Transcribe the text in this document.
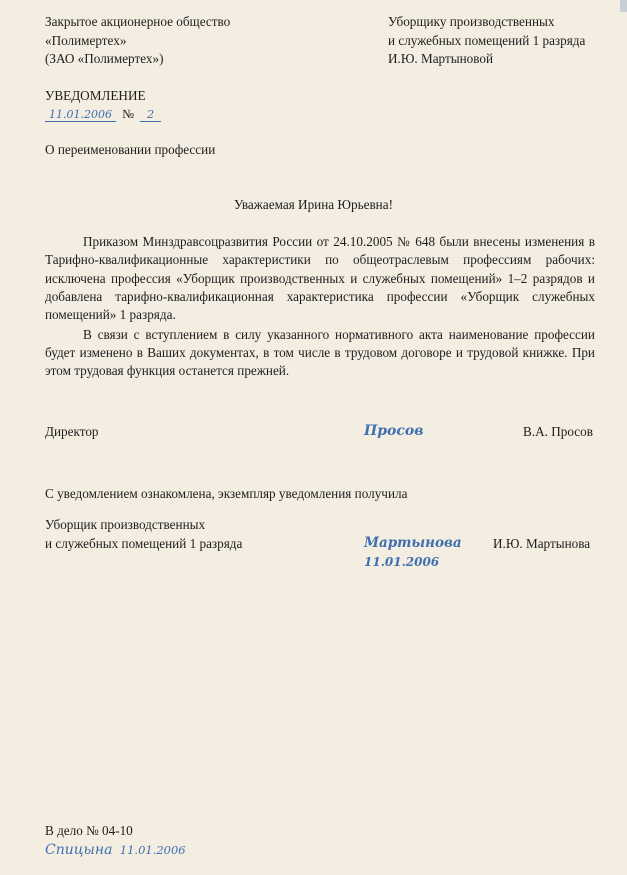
Закрытое акционерное общество
«Полимертех»
(ЗАО «Полимертех»)
Уборщику производственных
и служебных помещений 1 разряда
И.Ю. Мартыновой
УВЕДОМЛЕНИЕ
11.01.2006 № 2
О переименовании профессии
Уважаемая Ирина Юрьевна!
Приказом Минздравсоцразвития России от 24.10.2005 № 648 были внесены изменения в Тарифно-квалификационные характеристики по общеотраслевым профессиям рабочих: исключена профессия «Уборщик производственных и служебных помещений» 1–2 разрядов и добавлена тарифно-квалификационная характеристика профессии «Уборщик служебных помещений» 1 разряда.
В связи с вступлением в силу указанного нормативного акта наименование профессии будет изменено в Ваших документах, в том числе в трудовом договоре и трудовой книжке. При этом трудовая функция останется прежней.
Директор	Просов	В.А. Просов
С уведомлением ознакомлена, экземпляр уведомления получила
Уборщик производственных
и служебных помещений 1 разряда	Мартынова
11.01.2006
И.Ю. Мартынова
В дело № 04-10
Спицына 11.01.2006
